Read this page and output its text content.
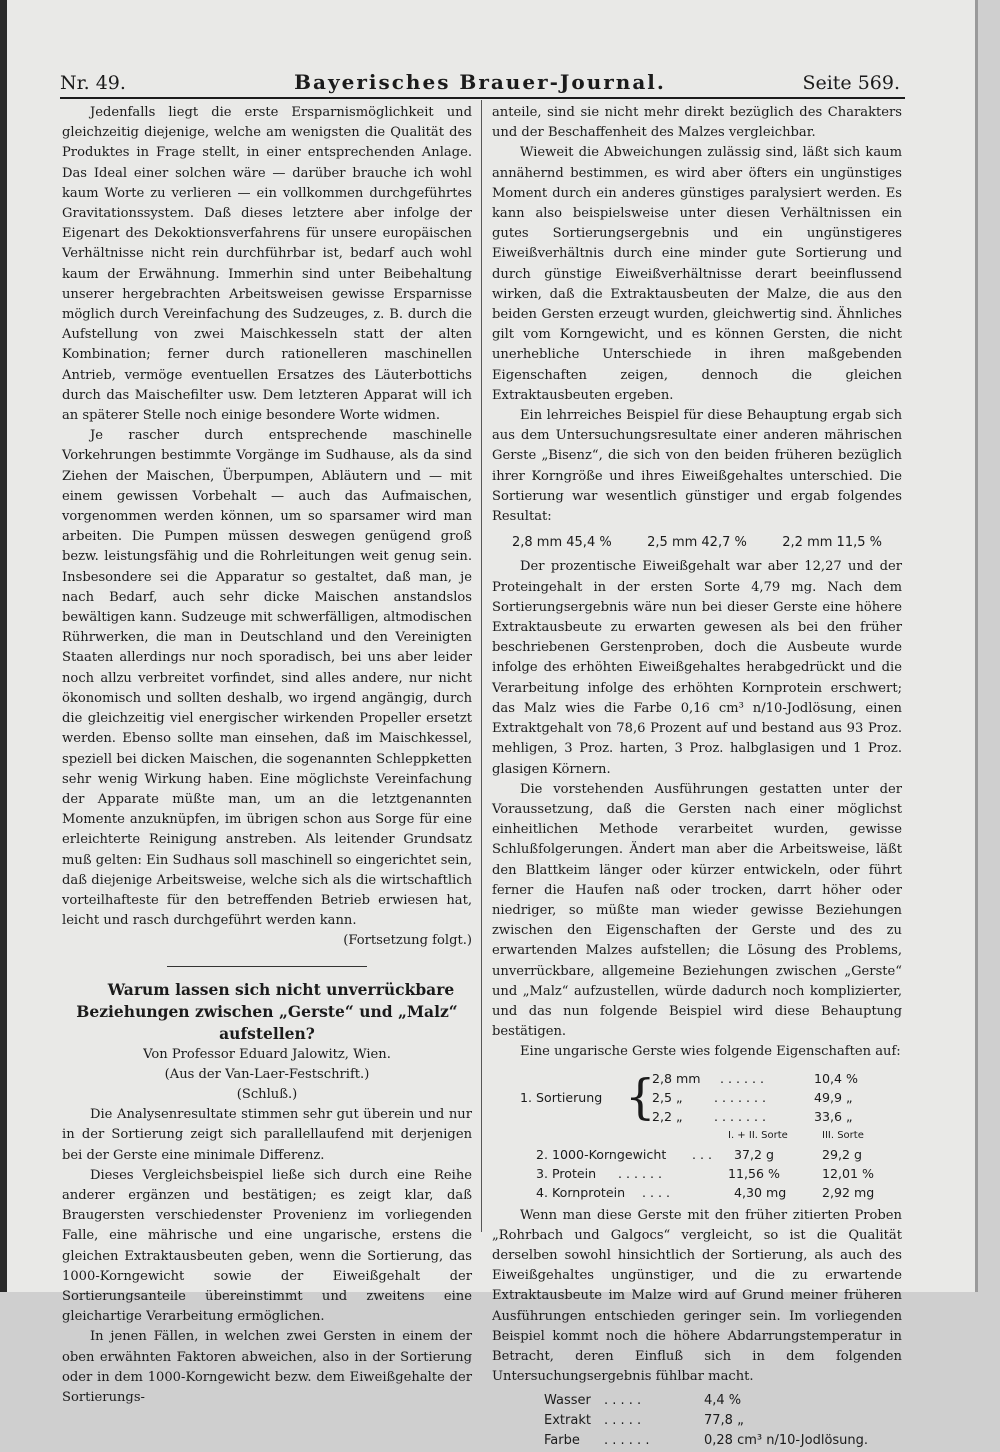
Nr. 49.	Bayerisches Brauer-Journal.	Seite 569.

Jedenfalls liegt die erste Ersparnismöglichkeit und gleichzeitig diejenige, welche am wenigsten die Qualität des Produktes in Frage stellt, in einer entsprechenden Anlage. Das Ideal einer solchen wäre — darüber brauche ich wohl kaum Worte zu verlieren — ein vollkommen durchgeführtes Gravitationssystem. Daß dieses letztere aber infolge der Eigenart des Dekoktionsverfahrens für unsere europäischen Verhältnisse nicht rein durchführbar ist, bedarf auch wohl kaum der Erwähnung. Immerhin sind unter Beibehaltung unserer hergebrachten Arbeitsweisen gewisse Ersparnisse möglich durch Vereinfachung des Sudzeuges, z. B. durch die Aufstellung von zwei Maischkesseln statt der alten Kombination; ferner durch rationelleren maschinellen Antrieb, vermöge eventuellen Ersatzes des Läuterbottichs durch das Maischefilter usw. Dem letzteren Apparat will ich an späterer Stelle noch einige besondere Worte widmen.

Je rascher durch entsprechende maschinelle Vorkehrungen bestimmte Vorgänge im Sudhause, als da sind Ziehen der Maischen, Überpumpen, Abläutern und — mit einem gewissen Vorbehalt — auch das Aufmaischen, vorgenommen werden können, um so sparsamer wird man arbeiten. Die Pumpen müssen deswegen genügend groß bezw. leistungsfähig und die Rohrleitungen weit genug sein. Insbesondere sei die Apparatur so gestaltet, daß man, je nach Bedarf, auch sehr dicke Maischen anstandslos bewältigen kann. Sudzeuge mit schwerfälligen, altmodischen Rührwerken, die man in Deutschland und den Vereinigten Staaten allerdings nur noch sporadisch, bei uns aber leider noch allzu verbreitet vorfindet, sind alles andere, nur nicht ökonomisch und sollten deshalb, wo irgend angängig, durch die gleichzeitig viel energischer wirkenden Propeller ersetzt werden. Ebenso sollte man einsehen, daß im Maischkessel, speziell bei dicken Maischen, die sogenannten Schleppketten sehr wenig Wirkung haben. Eine möglichste Vereinfachung der Apparate müßte man, um an die letztgenannten Momente anzuknüpfen, im übrigen schon aus Sorge für eine erleichterte Reinigung anstreben. Als leitender Grundsatz muß gelten: Ein Sudhaus soll maschinell so eingerichtet sein, daß diejenige Arbeitsweise, welche sich als die wirtschaftlich vorteilhafteste für den betreffenden Betrieb erwiesen hat, leicht und rasch durchgeführt werden kann.

(Fortsetzung folgt.)

Warum lassen sich nicht unverrückbare Beziehungen zwischen „Gerste“ und „Malz“ aufstellen?

Von Professor Eduard Jalowitz, Wien.

(Aus der Van-Laer-Festschrift.)

(Schluß.)

Die Analysenresultate stimmen sehr gut überein und nur in der Sortierung zeigt sich parallellaufend mit derjenigen bei der Gerste eine minimale Differenz.

Dieses Vergleichsbeispiel ließe sich durch eine Reihe anderer ergänzen und bestätigen; es zeigt klar, daß Braugersten verschiedenster Provenienz im vorliegenden Falle, eine mährische und eine ungarische, erstens die gleichen Extraktausbeuten geben, wenn die Sortierung, das 1000-Korngewicht sowie der Eiweißgehalt der Sortierungsanteile übereinstimmt und zweitens eine gleichartige Verarbeitung ermöglichen.

In jenen Fällen, in welchen zwei Gersten in einem der oben erwähnten Faktoren abweichen, also in der Sortierung oder in dem 1000-Korngewicht bezw. dem Eiweißgehalte der Sortierungs-

anteile, sind sie nicht mehr direkt bezüglich des Charakters und der Beschaffenheit des Malzes vergleichbar.

Wieweit die Abweichungen zulässig sind, läßt sich kaum annähernd bestimmen, es wird aber öfters ein ungünstiges Moment durch ein anderes günstiges paralysiert werden. Es kann also beispielsweise unter diesen Verhältnissen ein gutes Sortierungsergebnis und ein ungünstigeres Eiweißverhältnis durch eine minder gute Sortierung und durch günstige Eiweißverhältnisse derart beeinflussend wirken, daß die Extraktausbeuten der Malze, die aus den beiden Gersten erzeugt wurden, gleichwertig sind. Ähnliches gilt vom Korngewicht, und es können Gersten, die nicht unerhebliche Unterschiede in ihren maßgebenden Eigenschaften zeigen, dennoch die gleichen Extraktausbeuten ergeben.

Ein lehrreiches Beispiel für diese Behauptung ergab sich aus dem Untersuchungsresultate einer anderen mährischen Gerste „Bisenz“, die sich von den beiden früheren bezüglich ihrer Korngröße und ihres Eiweißgehaltes unterschied. Die Sortierung war wesentlich günstiger und ergab folgendes Resultat:

2,8 mm 45,4 %	2,5 mm 42,7 %	2,2 mm 11,5 %

Der prozentische Eiweißgehalt war aber 12,27 und der Proteingehalt in der ersten Sorte 4,79 mg. Nach dem Sortierungsergebnis wäre nun bei dieser Gerste eine höhere Extraktausbeute zu erwarten gewesen als bei den früher beschriebenen Gerstenproben, doch die Ausbeute wurde infolge des erhöhten Eiweißgehaltes herabgedrückt und die Verarbeitung infolge des erhöhten Kornprotein erschwert; das Malz wies die Farbe 0,16 cm³ n/10-Jodlösung, einen Extraktgehalt von 78,6 Prozent auf und bestand aus 93 Proz. mehligen, 3 Proz. harten, 3 Proz. halbglasigen und 1 Proz. glasigen Körnern.

Die vorstehenden Ausführungen gestatten unter der Voraussetzung, daß die Gersten nach einer möglichst einheitlichen Methode verarbeitet wurden, gewisse Schlußfolgerungen. Ändert man aber die Arbeitsweise, läßt den Blattkeim länger oder kürzer entwickeln, oder führt ferner die Haufen naß oder trocken, darrt höher oder niedriger, so müßte man wieder gewisse Beziehungen zwischen den Eigenschaften der Gerste und des zu erwartenden Malzes aufstellen; die Lösung des Problems, unverrückbare, allgemeine Beziehungen zwischen „Gerste“ und „Malz“ aufzustellen, würde dadurch noch komplizierter, und das nun folgende Beispiel wird diese Behauptung bestätigen.

Eine ungarische Gerste wies folgende Eigenschaften auf:

1. Sortierung {
2,8 mm . . . . . .	10,4 %
2,5 „ . . . . . . .	49,9 „
2,2 „ . . . . . . .	33,6 „
I. + II. Sorte	III. Sorte
2. 1000-Korngewicht . . . 37,2 g	29,2 g
3. Protein . . . . . .	11,56 %	12,01 %
4. Kornprotein . . . .	4,30 mg	2,92 mg

Wenn man diese Gerste mit den früher zitierten Proben „Rohrbach und Galgocs“ vergleicht, so ist die Qualität derselben sowohl hinsichtlich der Sortierung, als auch des Eiweißgehaltes ungünstiger, und die zu erwartende Extraktausbeute im Malze wird auf Grund meiner früheren Ausführungen entschieden geringer sein. Im vorliegenden Beispiel kommt noch die höhere Abdarrungstemperatur in Betracht, deren Einfluß sich in dem folgenden Untersuchungsergebnis fühlbar macht.

Wasser . . . . .	4,4 %
Extrakt . . . . .	77,8 „
Farbe . . . . . .	0,28 cm³ n/10-Jodlösung.
